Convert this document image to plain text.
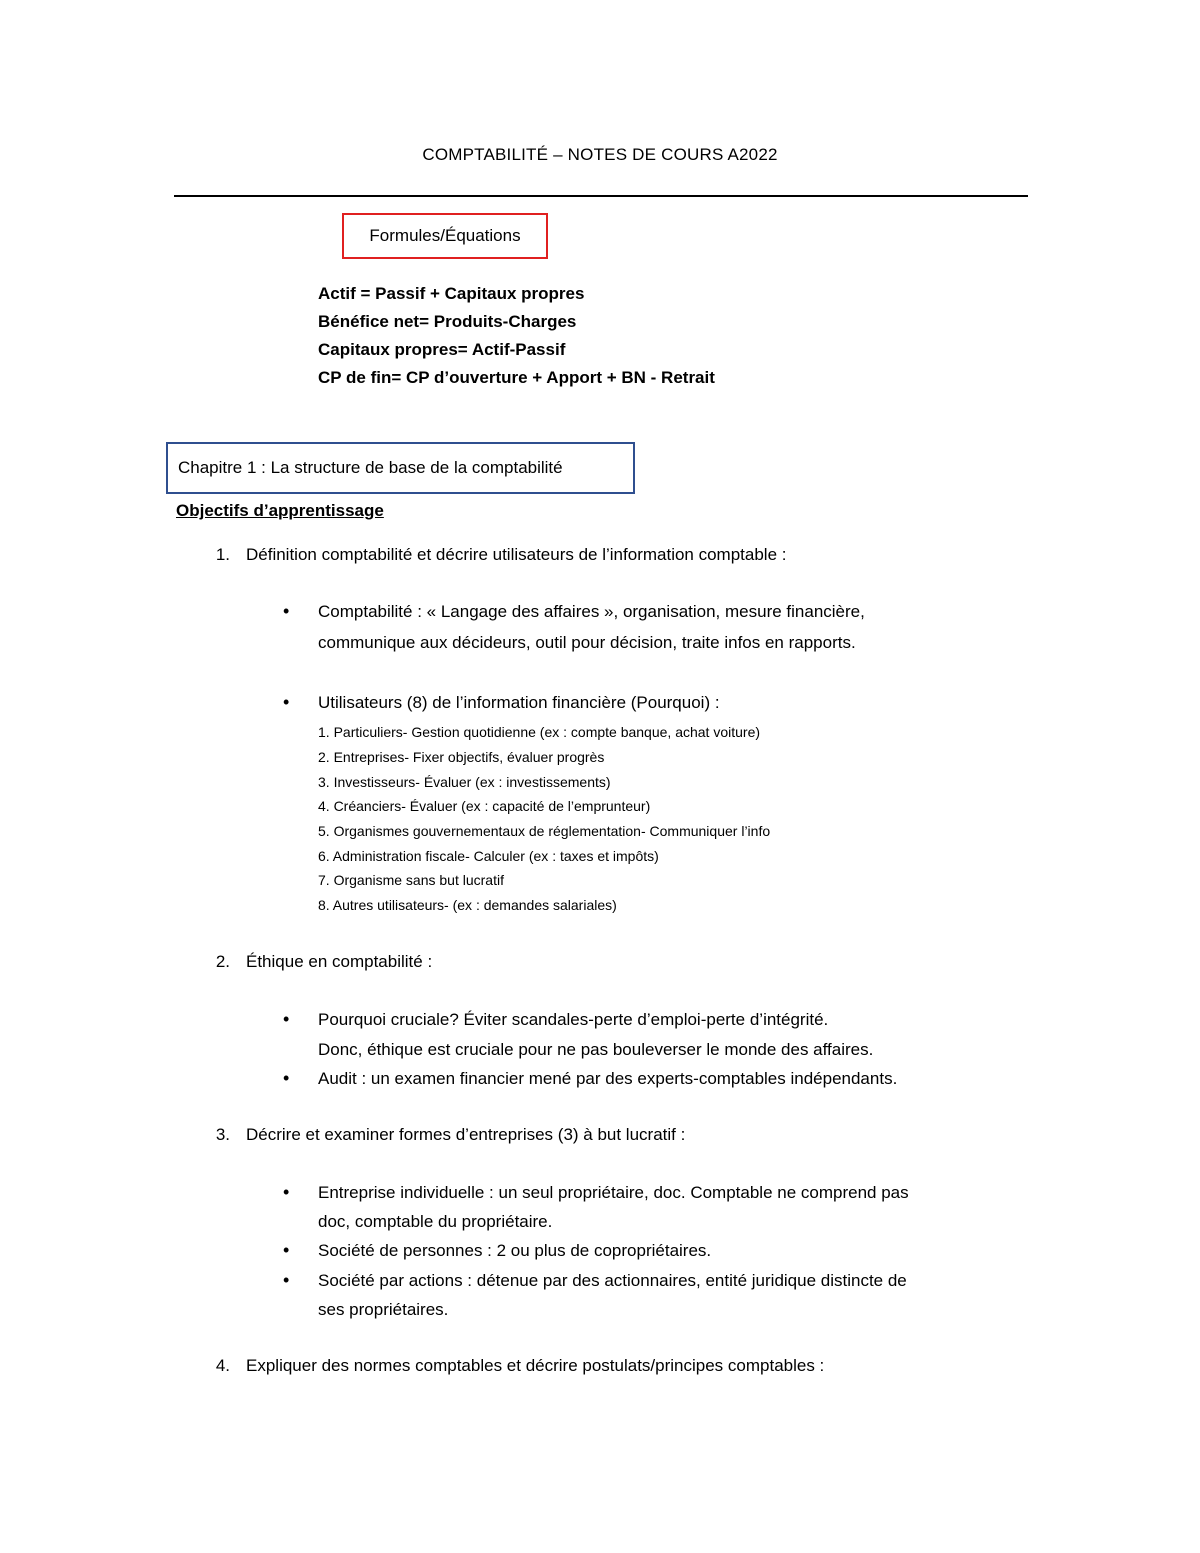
COMPTABILITÉ – NOTES DE COURS A2022
Formules/Équations
Actif = Passif + Capitaux propres
Bénéfice net= Produits-Charges
Capitaux propres= Actif-Passif
CP de fin= CP d’ouverture + Apport + BN - Retrait
Chapitre 1 : La structure de base de la comptabilité
Objectifs d’apprentissage
1. Définition comptabilité et décrire utilisateurs de l’information comptable :
• Comptabilité : « Langage des affaires », organisation, mesure financière,
communique aux décideurs, outil pour décision, traite infos en rapports.
• Utilisateurs (8) de l’information financière (Pourquoi) :
1. Particuliers- Gestion quotidienne (ex : compte banque, achat voiture)
2. Entreprises- Fixer objectifs, évaluer progrès
3. Investisseurs- Évaluer (ex : investissements)
4. Créanciers- Évaluer (ex : capacité de l’emprunteur)
5. Organismes gouvernementaux de réglementation- Communiquer l’info
6. Administration fiscale- Calculer (ex : taxes et impôts)
7. Organisme sans but lucratif
8. Autres utilisateurs- (ex : demandes salariales)
2. Éthique en comptabilité :
• Pourquoi cruciale? Éviter scandales-perte d’emploi-perte d’intégrité.
Donc, éthique est cruciale pour ne pas bouleverser le monde des affaires.
• Audit : un examen financier mené par des experts-comptables indépendants.
3. Décrire et examiner formes d’entreprises (3) à but lucratif :
• Entreprise individuelle : un seul propriétaire, doc. Comptable ne comprend pas
doc, comptable du propriétaire.
• Société de personnes : 2 ou plus de copropriétaires.
• Société par actions : détenue par des actionnaires, entité juridique distincte de
ses propriétaires.
4. Expliquer des normes comptables et décrire postulats/principes comptables :
